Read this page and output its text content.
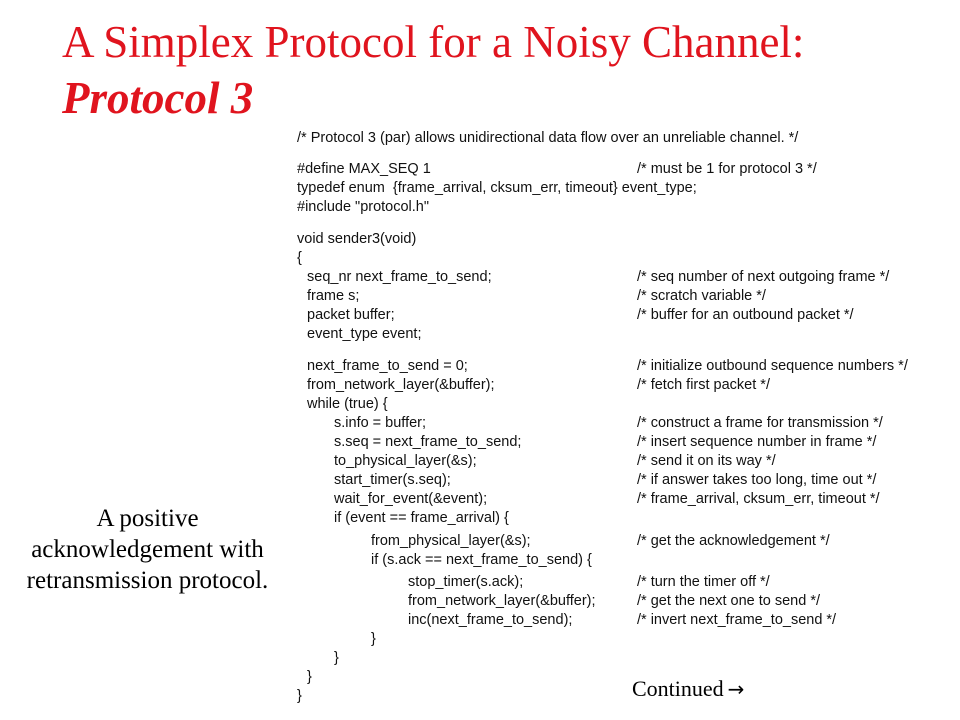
A Simplex Protocol for a Noisy Channel:
Protocol 3
/* Protocol 3 (par) allows unidirectional data flow over an unreliable channel. */
#define MAX_SEQ 1	/* must be 1 for protocol 3 */
typedef enum  {frame_arrival, cksum_err, timeout} event_type;
#include "protocol.h"
void sender3(void)
{
seq_nr next_frame_to_send;	/* seq number of next outgoing frame */
frame s;	/* scratch variable */
packet buffer;	/* buffer for an outbound packet */
event_type event;
next_frame_to_send = 0;	/* initialize outbound sequence numbers */
from_network_layer(&buffer);	/* fetch first packet */
while (true) {
s.info = buffer;	/* construct a frame for transmission */
s.seq = next_frame_to_send;	/* insert sequence number in frame */
to_physical_layer(&s);	/* send it on its way */
start_timer(s.seq);	/* if answer takes too long, time out */
wait_for_event(&event);	/* frame_arrival, cksum_err, timeout */
if (event == frame_arrival) {
from_physical_layer(&s);	/* get the acknowledgement */
if (s.ack == next_frame_to_send) {
stop_timer(s.ack);	/* turn the timer off */
from_network_layer(&buffer);	/* get the next one to send */
inc(next_frame_to_send);	/* invert next_frame_to_send */
}
}
}
}
A positive acknowledgement with retransmission protocol.
Continued →
